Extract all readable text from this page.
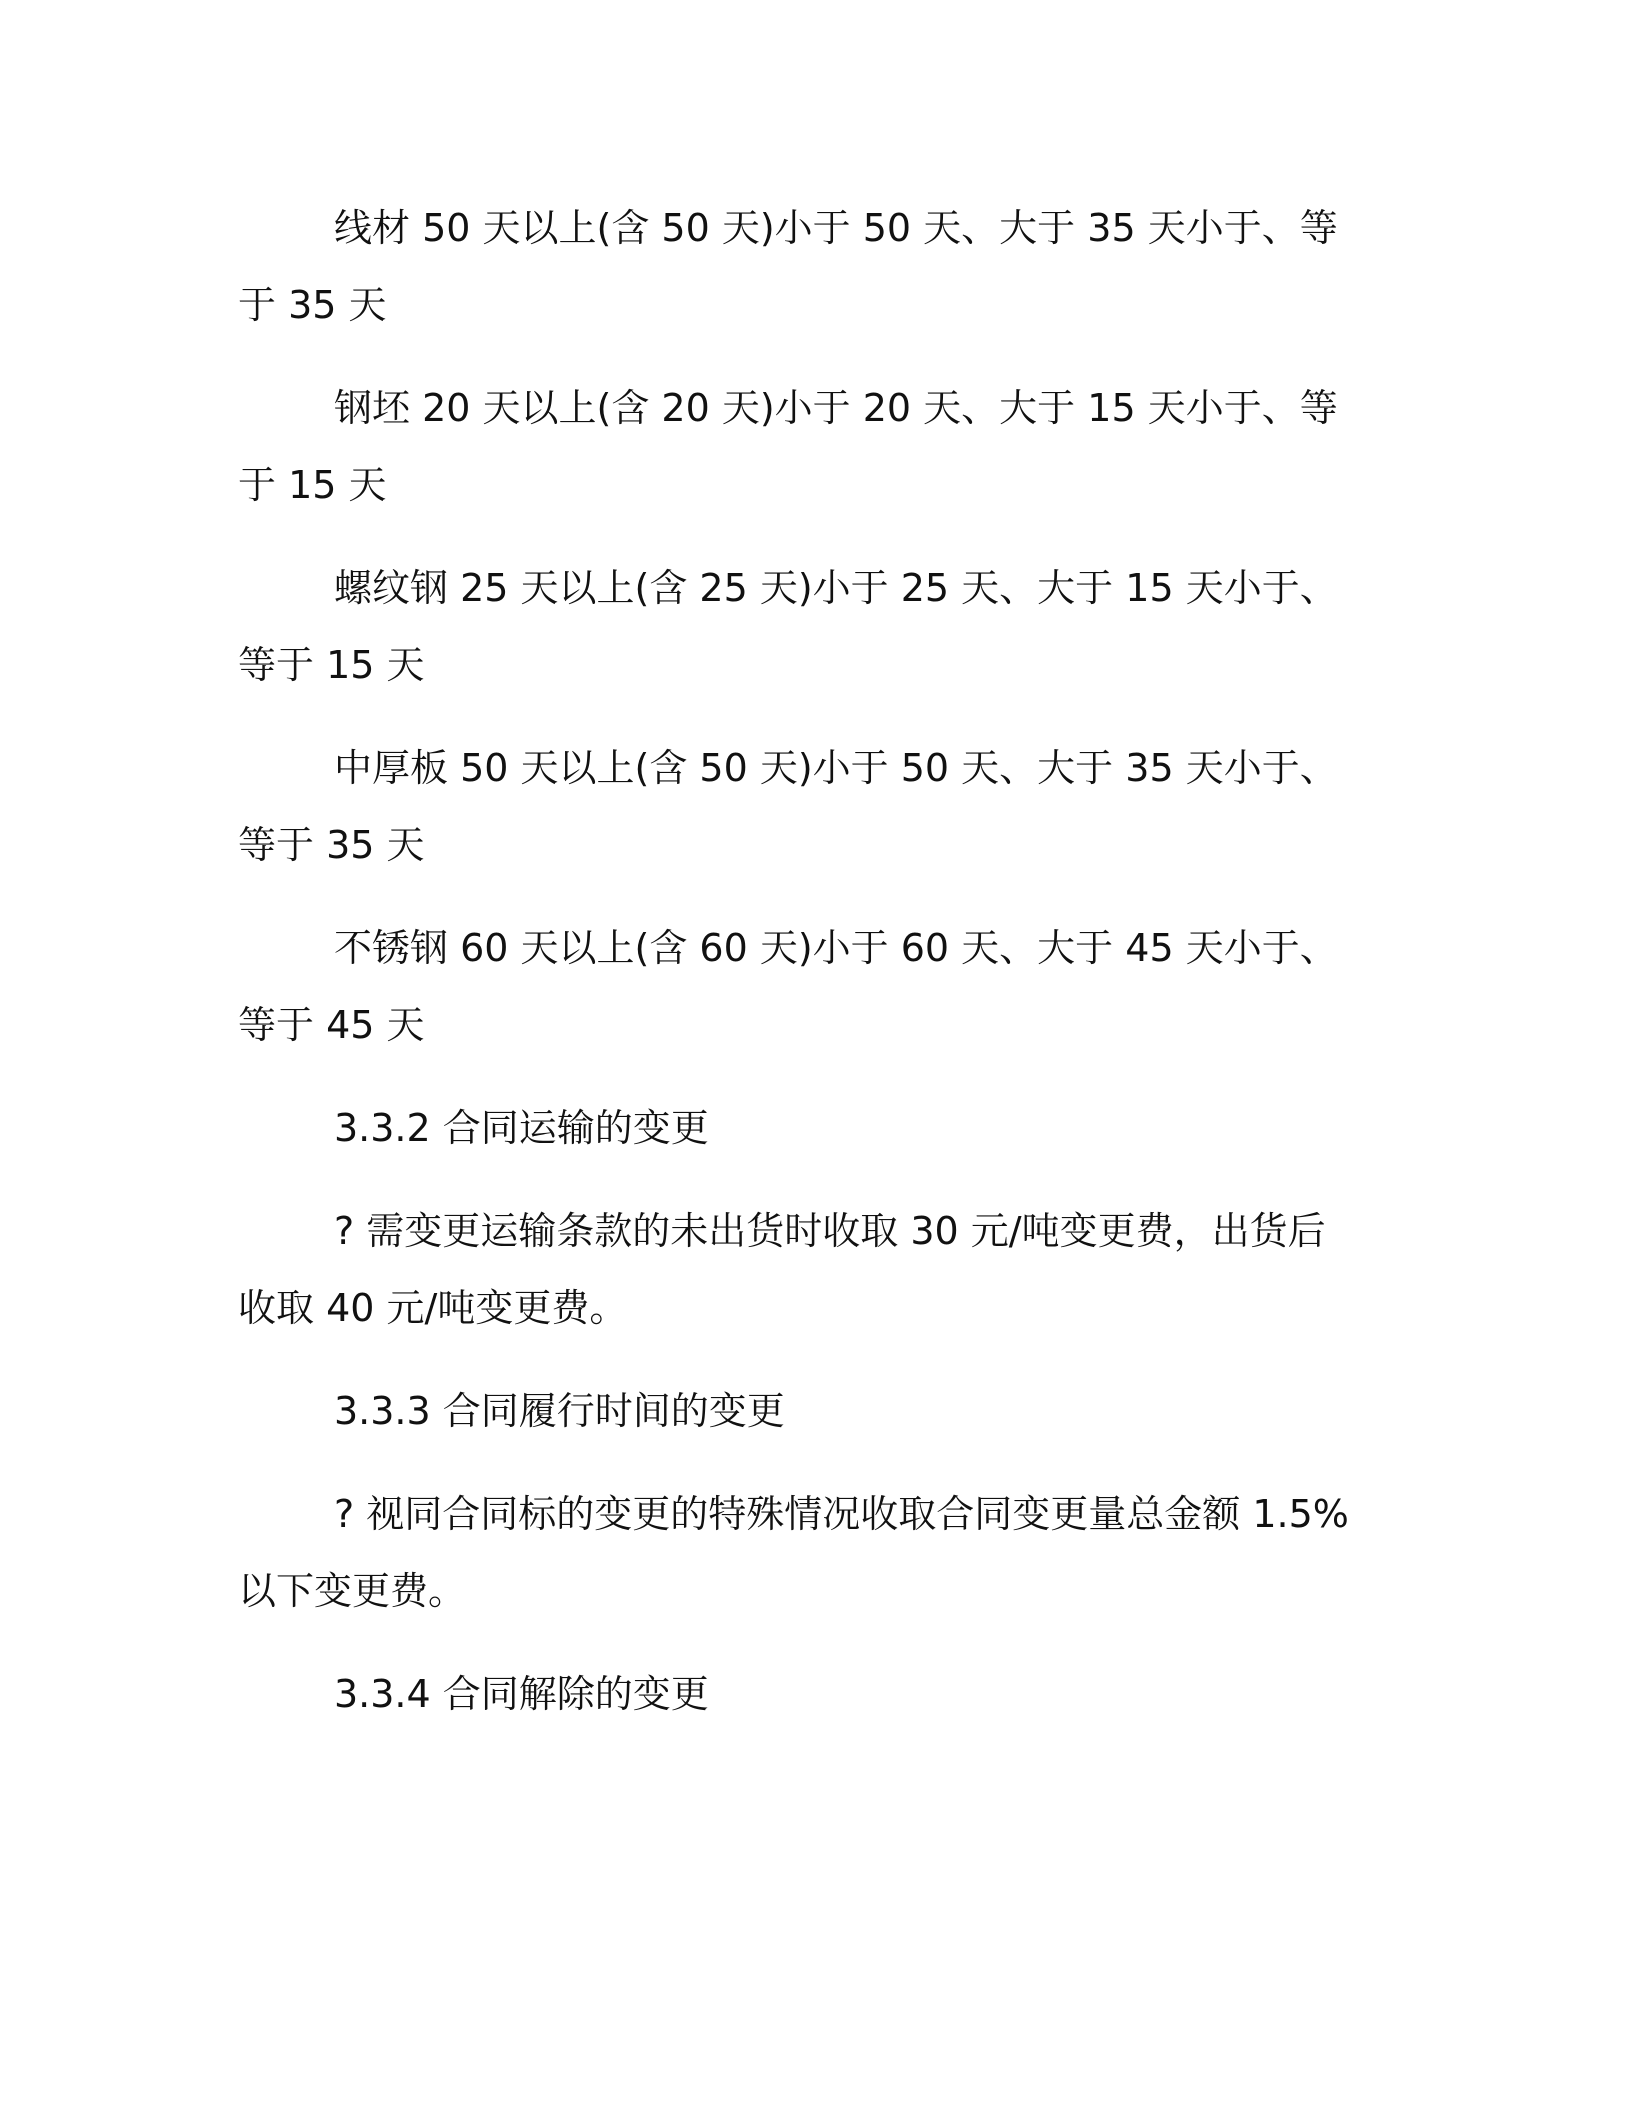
线材 50 天以上(含 50 天)小于 50 天、大于 35 天小于、等于 35 天

钢坯 20 天以上(含 20 天)小于 20 天、大于 15 天小于、等于 15 天

螺纹钢 25 天以上(含 25 天)小于 25 天、大于 15 天小于、等于 15 天

中厚板 50 天以上(含 50 天)小于 50 天、大于 35 天小于、等于 35 天

不锈钢 60 天以上(含 60 天)小于 60 天、大于 45 天小于、等于 45 天

3.3.2 合同运输的变更

? 需变更运输条款的未出货时收取 30 元/吨变更费，出货后收取 40 元/吨变更费。

3.3.3 合同履行时间的变更

? 视同合同标的变更的特殊情况收取合同变更量总金额 1.5%以下变更费。

3.3.4 合同解除的变更
